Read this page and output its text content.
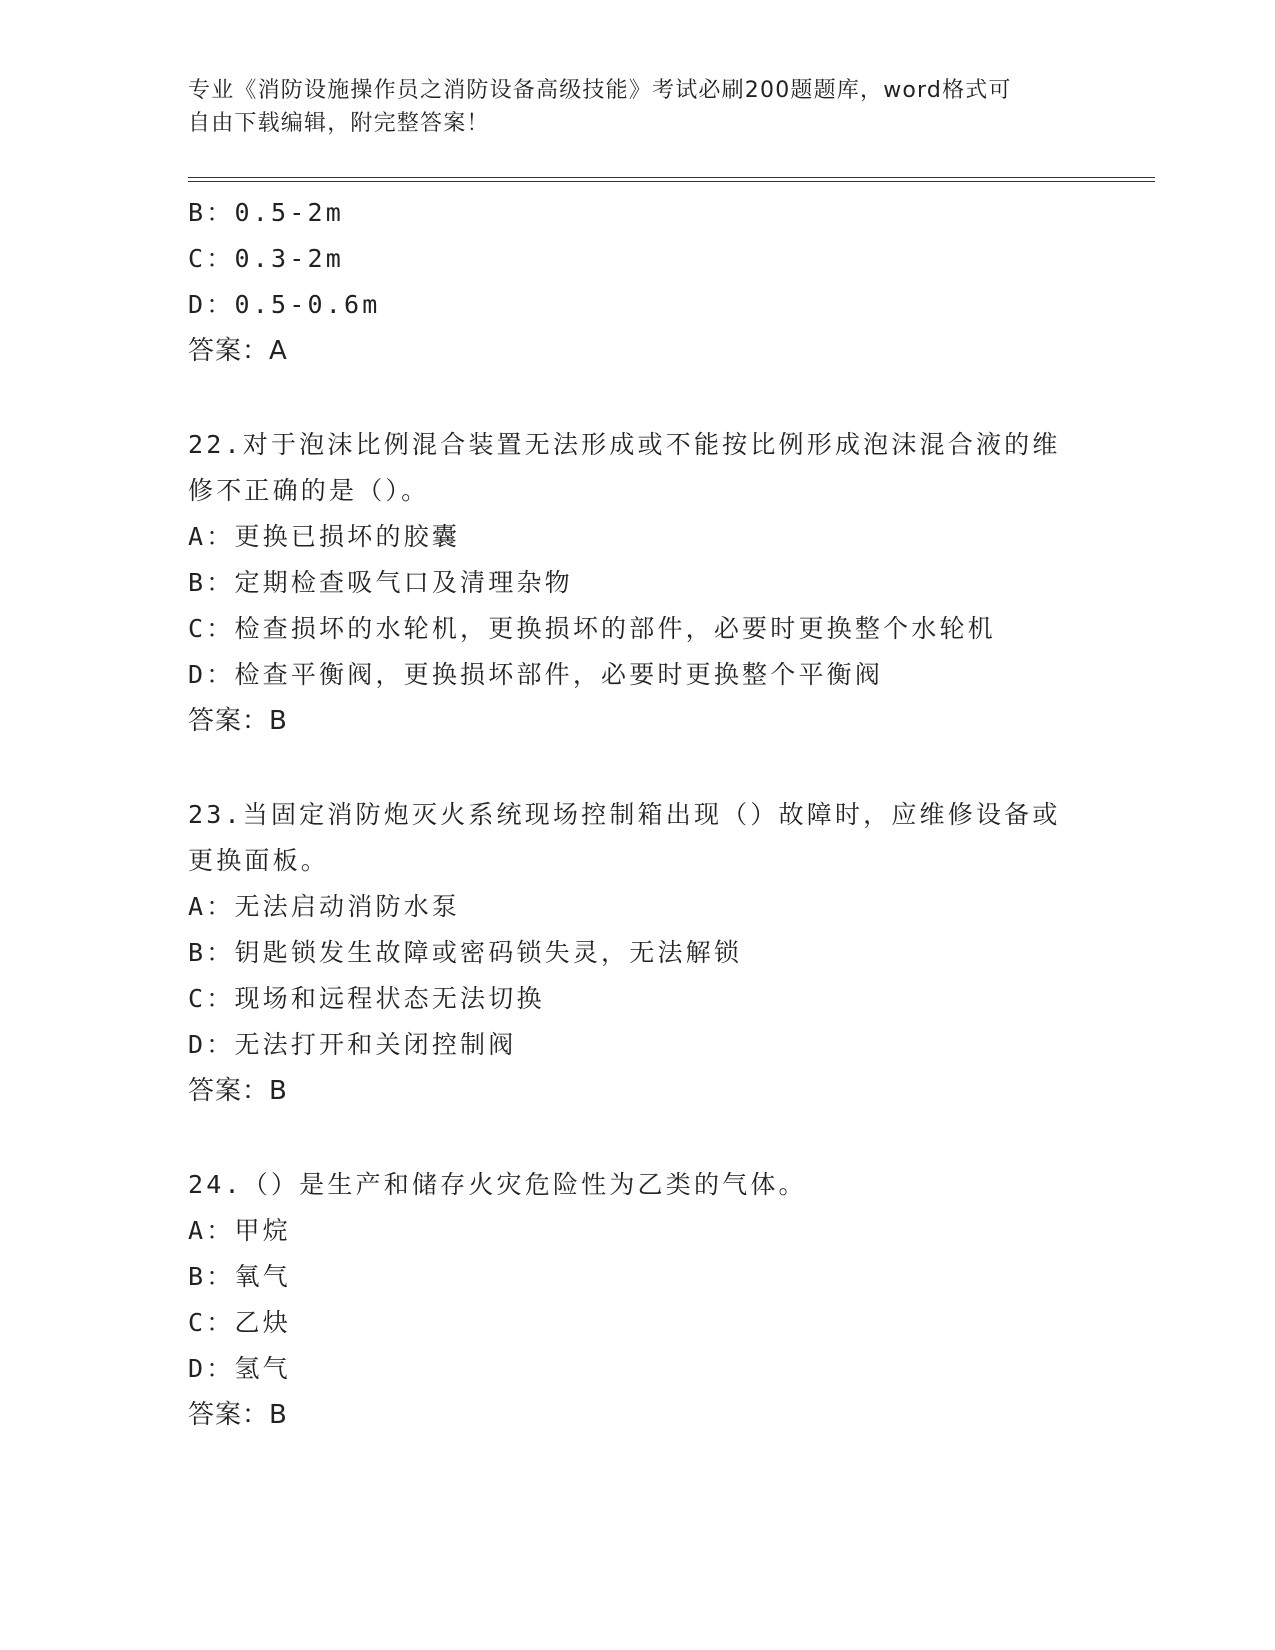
专业《消防设施操作员之消防设备高级技能》考试必刷200题题库，word格式可
自由下载编辑，附完整答案！
B：0.5-2m
C：0.3-2m
D：0.5-0.6m
答案：A
22.对于泡沫比例混合装置无法形成或不能按比例形成泡沫混合液的维
修不正确的是（）。
A：更换已损坏的胶囊
B：定期检查吸气口及清理杂物
C：检查损坏的水轮机，更换损坏的部件，必要时更换整个水轮机
D：检查平衡阀，更换损坏部件，必要时更换整个平衡阀
答案：B
23.当固定消防炮灭火系统现场控制箱出现（）故障时，应维修设备或
更换面板。
A：无法启动消防水泵
B：钥匙锁发生故障或密码锁失灵，无法解锁
C：现场和远程状态无法切换
D：无法打开和关闭控制阀
答案：B
24.（）是生产和储存火灾危险性为乙类的气体。
A：甲烷
B：氧气
C：乙炔
D：氢气
答案：B
